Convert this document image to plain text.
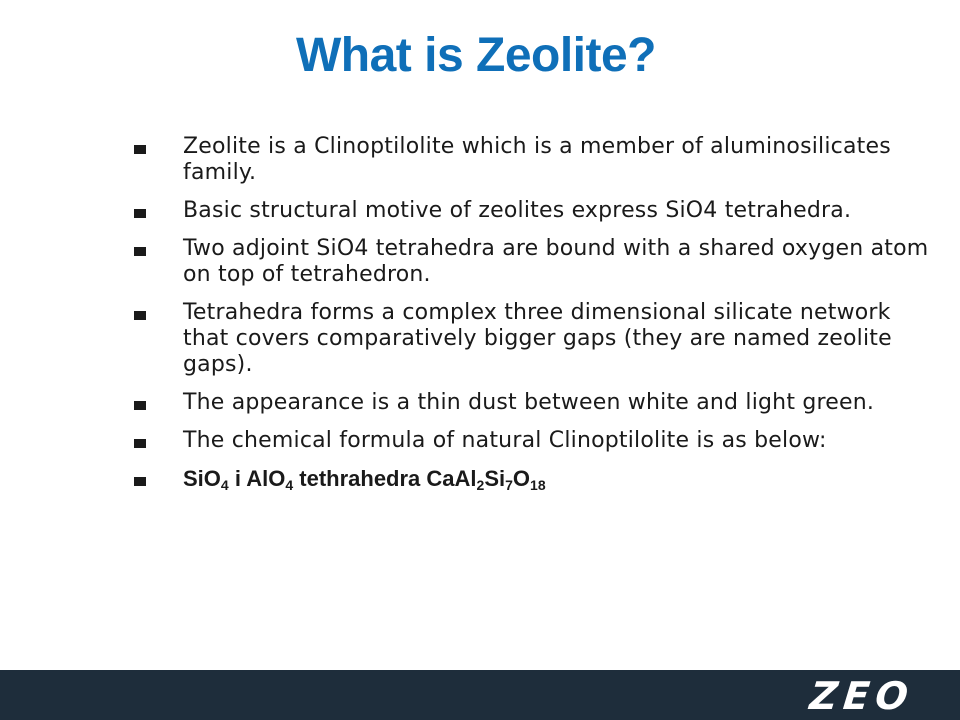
What is Zeolite?
Zeolite is a Clinoptilolite which is a member of aluminosilicates family.
Basic structural motive of zeolites express SiO4 tetrahedra.
Two adjoint SiO4 tetrahedra are bound with a shared oxygen atom on top of tetrahedron.
Tetrahedra forms a complex three dimensional silicate network that covers comparatively bigger gaps (they are named zeolite gaps).
The appearance is a thin dust between white and light green.
The chemical formula of natural Clinoptilolite is as below:
SiO$_4$ i AlO$_4$ tethrahedra $CaAl_2Si_7O_{18}$
ZEO
